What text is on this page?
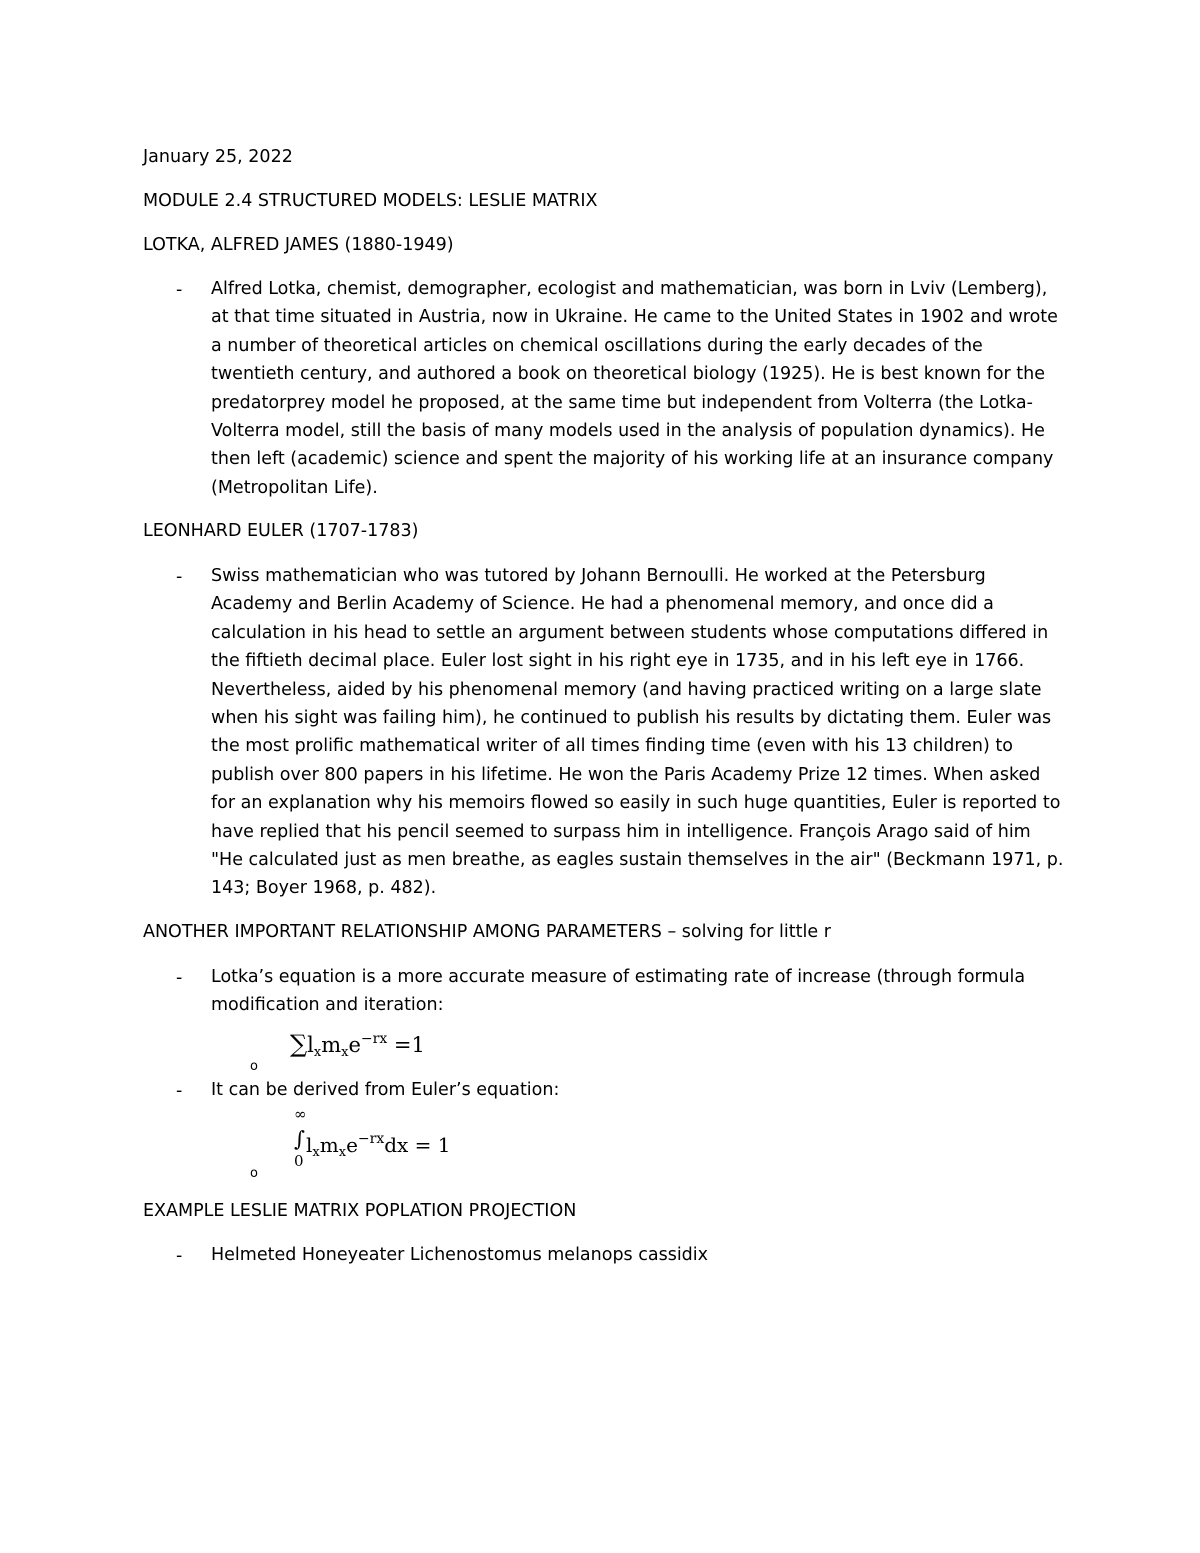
January 25, 2022
MODULE 2.4 STRUCTURED MODELS: LESLIE MATRIX
LOTKA, ALFRED JAMES (1880-1949)
- Alfred Lotka, chemist, demographer, ecologist and mathematician, was born in Lviv (Lemberg),
at that time situated in Austria, now in Ukraine. He came to the United States in 1902 and wrote
a number of theoretical articles on chemical oscillations during the early decades of the
twentieth century, and authored a book on theoretical biology (1925). He is best known for the
predatorprey model he proposed, at the same time but independent from Volterra (the Lotka-
Volterra model, still the basis of many models used in the analysis of population dynamics). He
then left (academic) science and spent the majority of his working life at an insurance company
(Metropolitan Life).
LEONHARD EULER (1707-1783)
- Swiss mathematician who was tutored by Johann Bernoulli. He worked at the Petersburg
Academy and Berlin Academy of Science. He had a phenomenal memory, and once did a
calculation in his head to settle an argument between students whose computations differed in
the fiftieth decimal place. Euler lost sight in his right eye in 1735, and in his left eye in 1766.
Nevertheless, aided by his phenomenal memory (and having practiced writing on a large slate
when his sight was failing him), he continued to publish his results by dictating them. Euler was
the most prolific mathematical writer of all times finding time (even with his 13 children) to
publish over 800 papers in his lifetime. He won the Paris Academy Prize 12 times. When asked
for an explanation why his memoirs flowed so easily in such huge quantities, Euler is reported to
have replied that his pencil seemed to surpass him in intelligence. François Arago said of him
"He calculated just as men breathe, as eagles sustain themselves in the air" (Beckmann 1971, p.
143; Boyer 1968, p. 482).
ANOTHER IMPORTANT RELATIONSHIP AMONG PARAMETERS – solving for little r
- Lotka’s equation is a more accurate measure of estimating rate of increase (through formula
modification and iteration:
$\sum l_xm_xe^{-rx} =1$
o
- It can be derived from Euler’s equation:
∞
∫
0
$l_xm_xe^{-rx}dx = 1$
o
EXAMPLE LESLIE MATRIX POPLATION PROJECTION
- Helmeted Honeyeater Lichenostomus melanops cassidix
